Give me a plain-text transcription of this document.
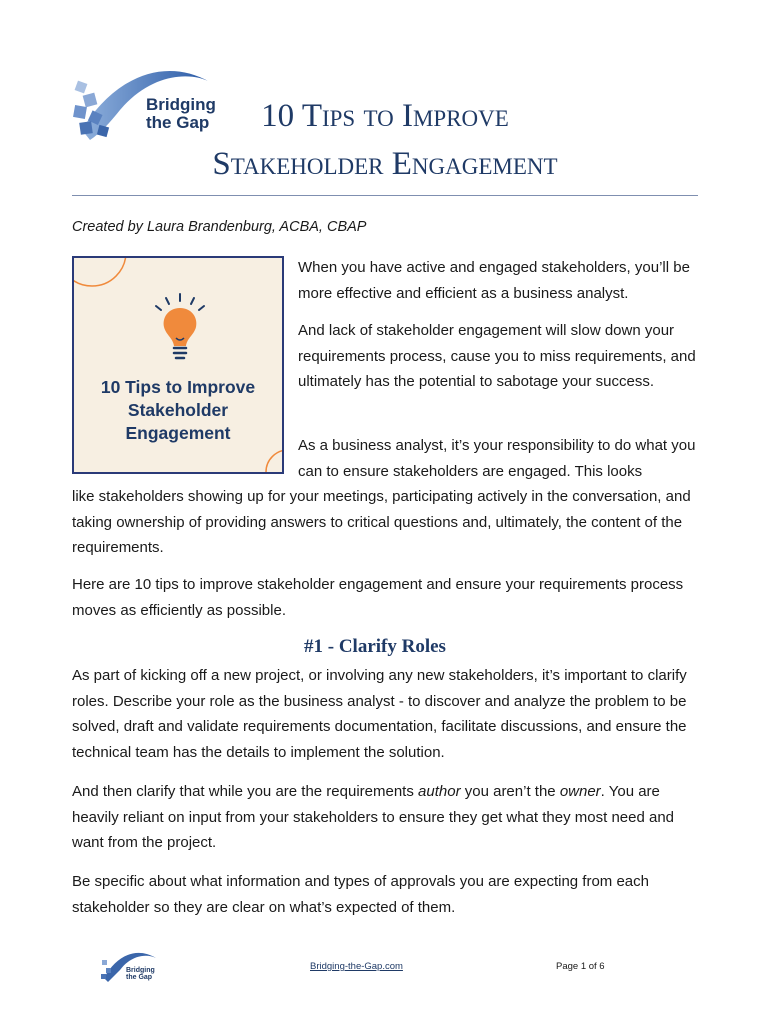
Bridging
the Gap	10 Tips to Improve
Stakeholder Engagement
Created by Laura Brandenburg, ACBA, CBAP
10 Tips to Improve
Stakeholder
Engagement

When you have active and engaged stakeholders, you’ll be more effective and efficient as a business analyst.

And lack of stakeholder engagement will slow down your requirements process, cause you to miss requirements, and ultimately has the potential to sabotage your success.

As a business analyst, it’s your responsibility to do what you can to ensure stakeholders are engaged. This looks

like stakeholders showing up for your meetings, participating actively in the conversation, and taking ownership of providing answers to critical questions and, ultimately, the content of the requirements.

Here are 10 tips to improve stakeholder engagement and ensure your requirements process moves as efficiently as possible.

#1 - Clarify Roles

As part of kicking off a new project, or involving any new stakeholders, it’s important to clarify roles. Describe your role as the business analyst - to discover and analyze the problem to be solved, draft and validate requirements documentation, facilitate discussions, and ensure the technical team has the details to implement the solution.

And then clarify that while you are the requirements author you aren’t the owner. You are heavily reliant on input from your stakeholders to ensure they get what they most need and want from the project.

Be specific about what information and types of approvals you are expecting from each stakeholder so they are clear on what’s expected of them.

Bridging
the Gap
Bridging-the-Gap.com	Page 1 of 6
